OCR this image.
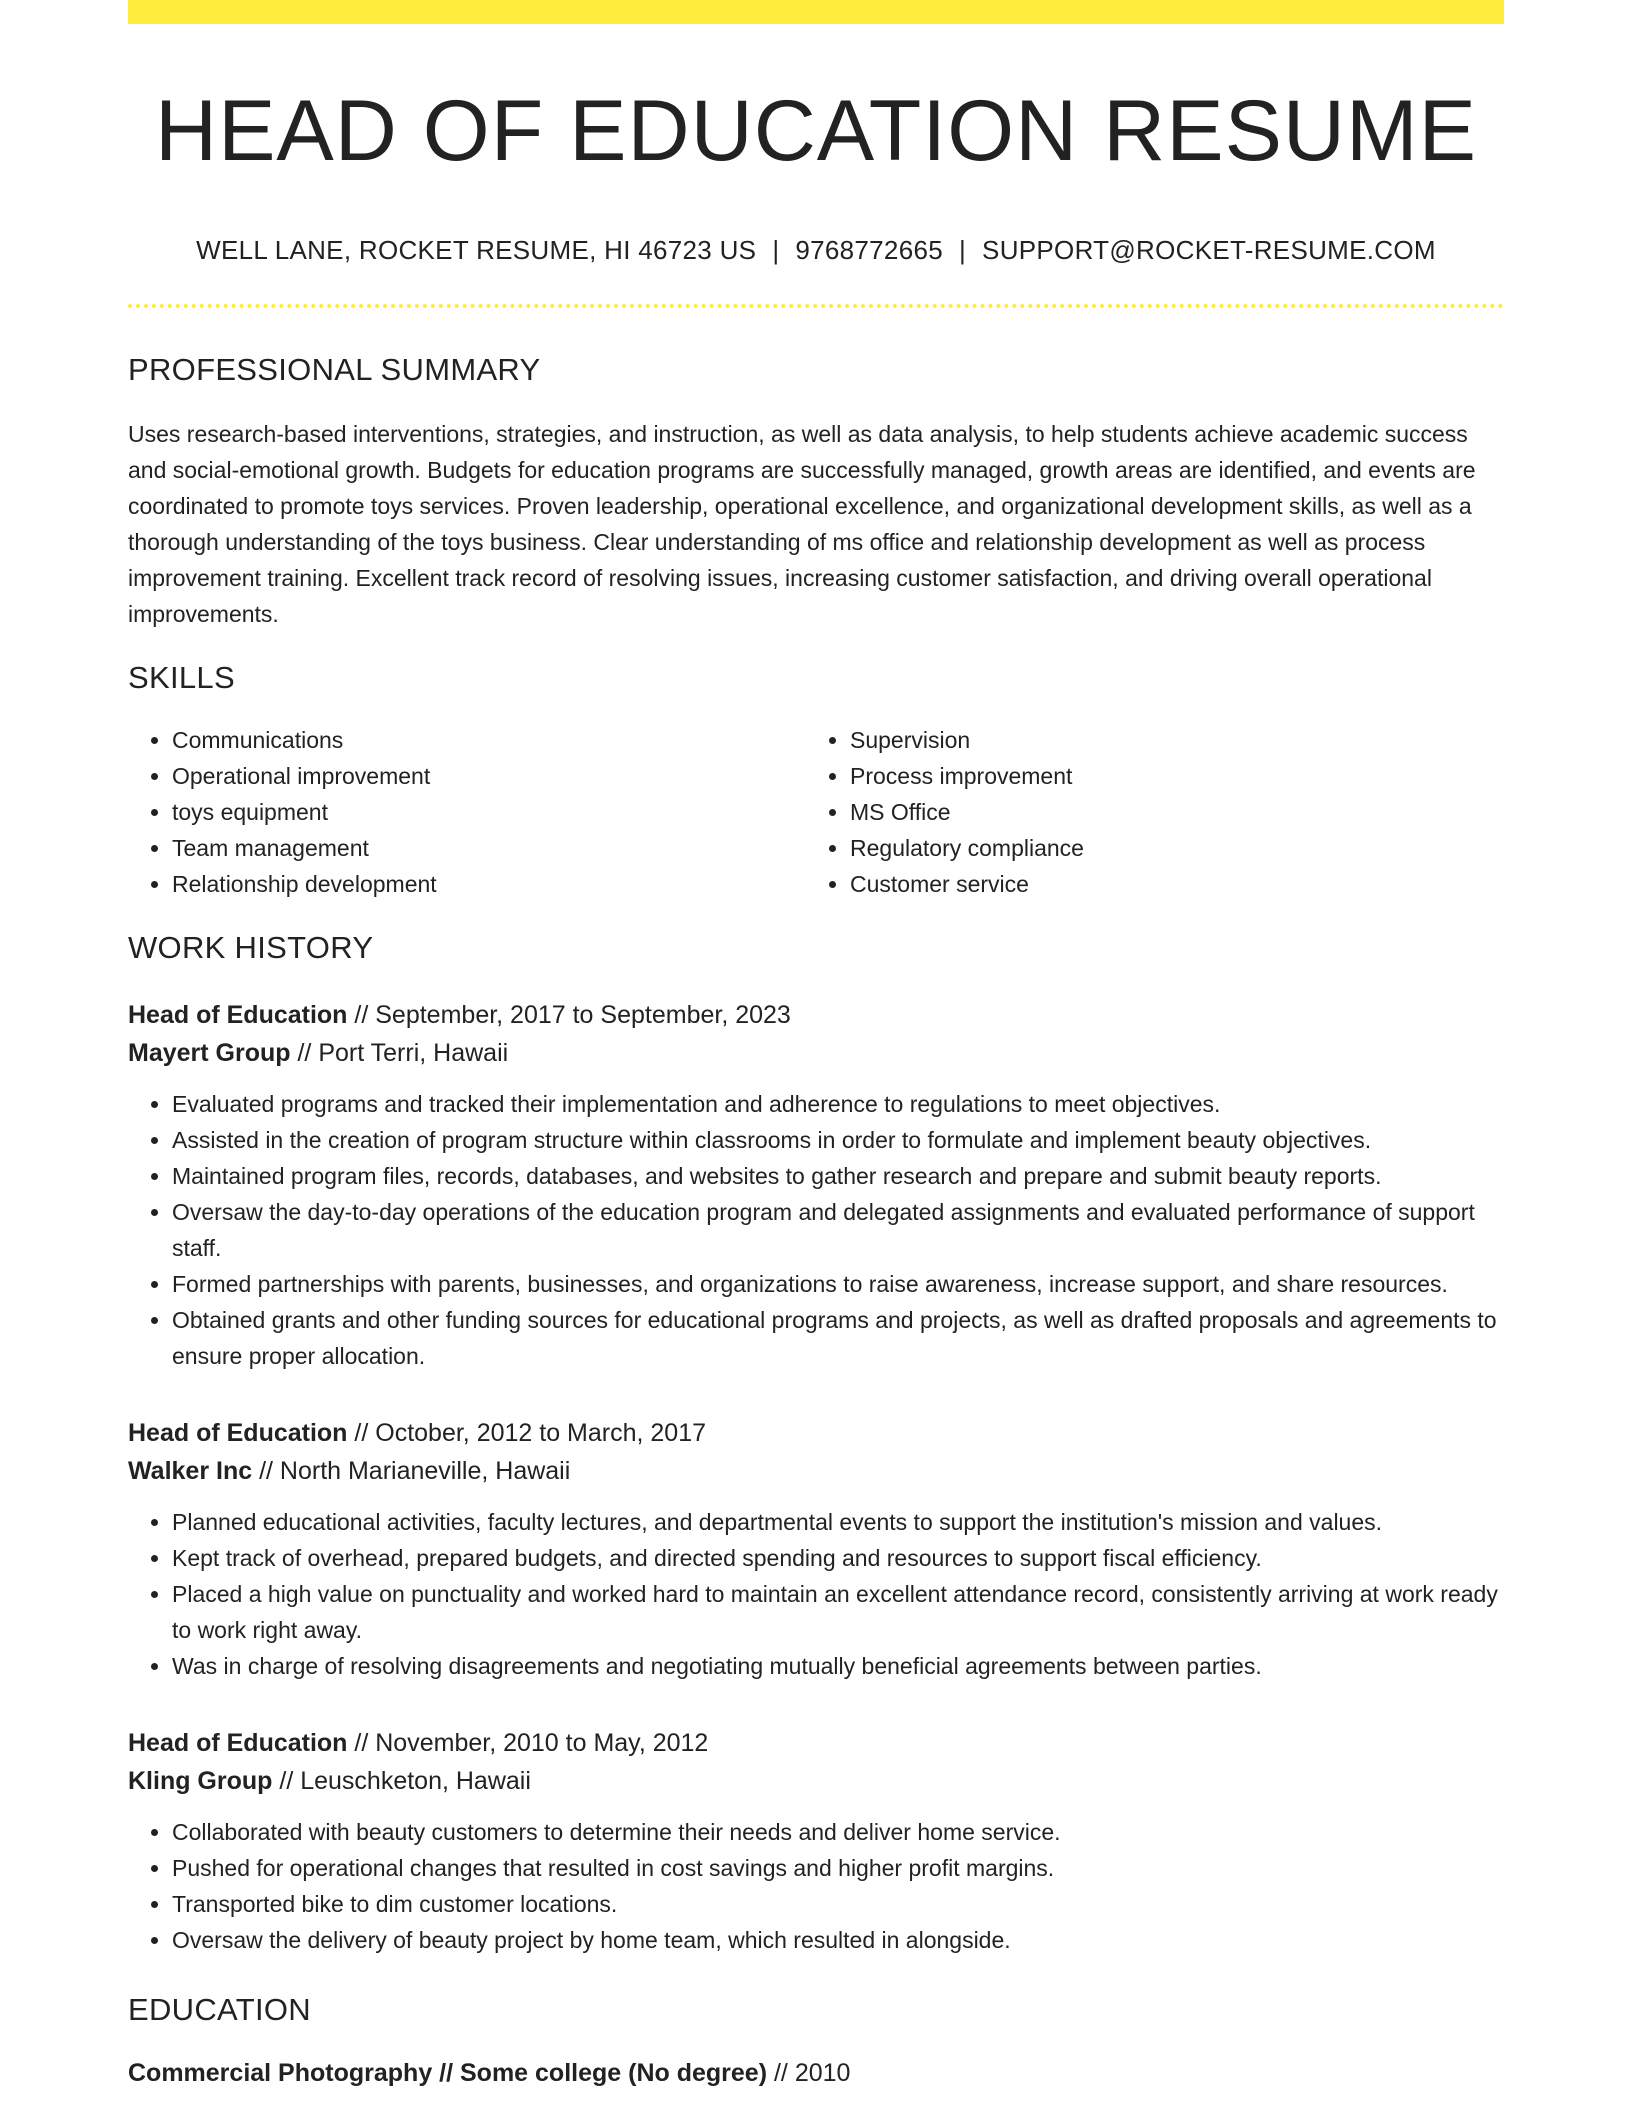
HEAD OF EDUCATION RESUME
WELL LANE, ROCKET RESUME, HI 46723 US | 9768772665 | SUPPORT@ROCKET-RESUME.COM
PROFESSIONAL SUMMARY
Uses research-based interventions, strategies, and instruction, as well as data analysis, to help students achieve academic success and social-emotional growth. Budgets for education programs are successfully managed, growth areas are identified, and events are coordinated to promote toys services. Proven leadership, operational excellence, and organizational development skills, as well as a thorough understanding of the toys business. Clear understanding of ms office and relationship development as well as process improvement training. Excellent track record of resolving issues, increasing customer satisfaction, and driving overall operational improvements.
SKILLS
• Communications
• Operational improvement
• toys equipment
• Team management
• Relationship development
• Supervision
• Process improvement
• MS Office
• Regulatory compliance
• Customer service
WORK HISTORY
Head of Education // September, 2017 to September, 2023
Mayert Group // Port Terri, Hawaii
• Evaluated programs and tracked their implementation and adherence to regulations to meet objectives.
• Assisted in the creation of program structure within classrooms in order to formulate and implement beauty objectives.
• Maintained program files, records, databases, and websites to gather research and prepare and submit beauty reports.
• Oversaw the day-to-day operations of the education program and delegated assignments and evaluated performance of support staff.
• Formed partnerships with parents, businesses, and organizations to raise awareness, increase support, and share resources.
• Obtained grants and other funding sources for educational programs and projects, as well as drafted proposals and agreements to ensure proper allocation.
Head of Education // October, 2012 to March, 2017
Walker Inc // North Marianeville, Hawaii
• Planned educational activities, faculty lectures, and departmental events to support the institution's mission and values.
• Kept track of overhead, prepared budgets, and directed spending and resources to support fiscal efficiency.
• Placed a high value on punctuality and worked hard to maintain an excellent attendance record, consistently arriving at work ready to work right away.
• Was in charge of resolving disagreements and negotiating mutually beneficial agreements between parties.
Head of Education // November, 2010 to May, 2012
Kling Group // Leuschketon, Hawaii
• Collaborated with beauty customers to determine their needs and deliver home service.
• Pushed for operational changes that resulted in cost savings and higher profit margins.
• Transported bike to dim customer locations.
• Oversaw the delivery of beauty project by home team, which resulted in alongside.
EDUCATION
Commercial Photography // Some college (No degree) // 2010
